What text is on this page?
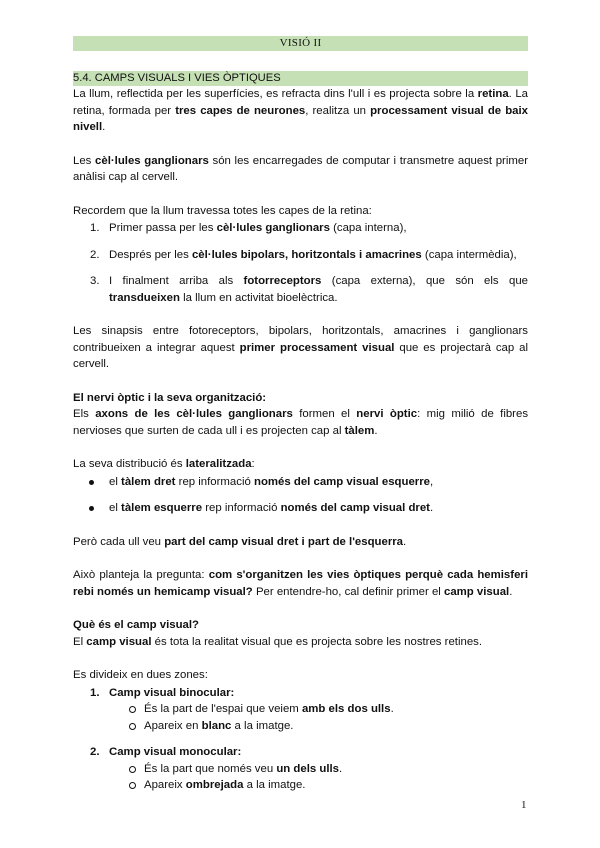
VISIÓ II
5.4. CAMPS VISUALS I VIES ÒPTIQUES

La llum, reflectida per les superfícies, es refracta dins l'ull i es projecta sobre la retina. La retina, formada per tres capes de neurones, realitza un processament visual de baix nivell.

Les cèl·lules ganglionars són les encarregades de computar i transmetre aquest primer anàlisi cap al cervell.

Recordem que la llum travessa totes les capes de la retina:

1. Primer passa per les cèl·lules ganglionars (capa interna),
2. Després per les cèl·lules bipolars, horitzontals i amacrines (capa intermèdia),
3. I finalment arriba als fotorreceptors (capa externa), que són els que transdueixen la llum en activitat bioelèctrica.

Les sinapsis entre fotoreceptors, bipolars, horitzontals, amacrines i ganglionars contribueixen a integrar aquest primer processament visual que es projectarà cap al cervell.

El nervi òptic i la seva organització:

Els axons de les cèl·lules ganglionars formen el nervi òptic: mig milió de fibres nervioses que surten de cada ull i es projecten cap al tàlem.

La seva distribució és lateralitzada:

el tàlem dret rep informació només del camp visual esquerre,
el tàlem esquerre rep informació només del camp visual dret.

Però cada ull veu part del camp visual dret i part de l'esquerra.

Això planteja la pregunta: com s'organitzen les vies òptiques perquè cada hemisferi rebi només un hemicamp visual? Per entendre-ho, cal definir primer el camp visual.

Què és el camp visual?

El camp visual és tota la realitat visual que es projecta sobre les nostres retines.

Es divideix en dues zones:

1. Camp visual binocular:
És la part de l'espai que veiem amb els dos ulls.
Apareix en blanc a la imatge.
2. Camp visual monocular:
És la part que només veu un dels ulls.
Apareix ombrejada a la imatge.
1
